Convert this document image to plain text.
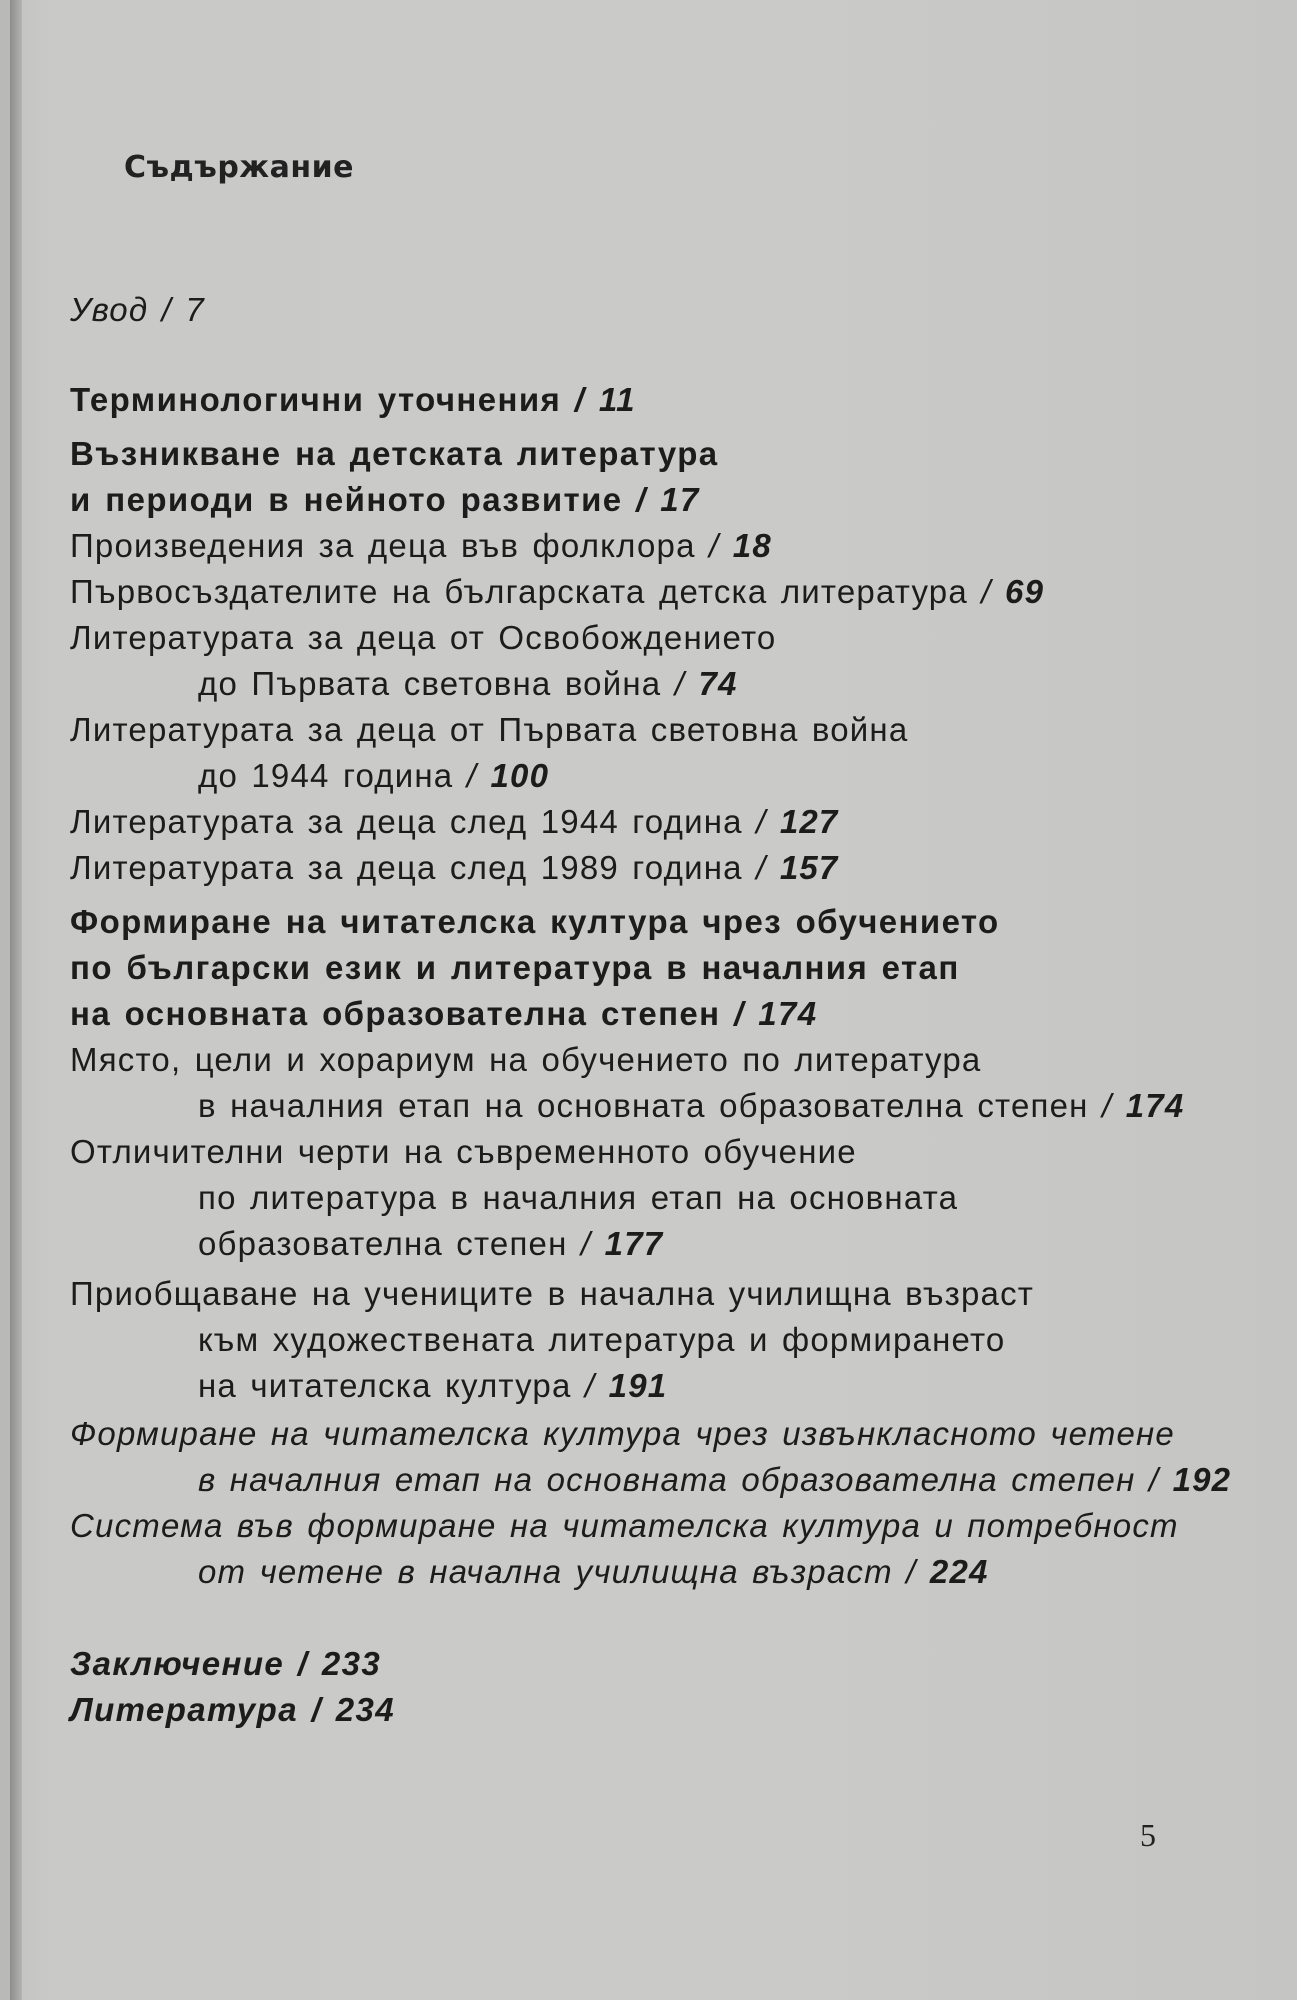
Съдържание
Увод / 7
Терминологични уточнения / 11
Възникване на детската литература
и периоди в нейното развитие / 17
Произведения за деца във фолклора / 18
Първосъздателите на българската детска литература / 69
Литературата за деца от Освобождението
до Първата световна война / 74
Литературата за деца от Първата световна война
до 1944 година / 100
Литературата за деца след 1944 година / 127
Литературата за деца след 1989 година / 157
Формиране на читателска култура чрез обучението
по български език и литература в началния етап
на основната образователна степен / 174
Място, цели и хорариум на обучението по литература
в началния етап на основната образователна степен / 174
Отличителни черти на съвременното обучение
по литература в началния етап на основната
образователна степен / 177
Приобщаване на учениците в начална училищна възраст
към художествената литература и формирането
на читателска култура / 191
Формиране на читателска култура чрез извънкласното четене
в началния етап на основната образователна степен / 192
Система във формиране на читателска култура и потребност
от четене в начална училищна възраст / 224
Заключение / 233
Литература / 234
5
